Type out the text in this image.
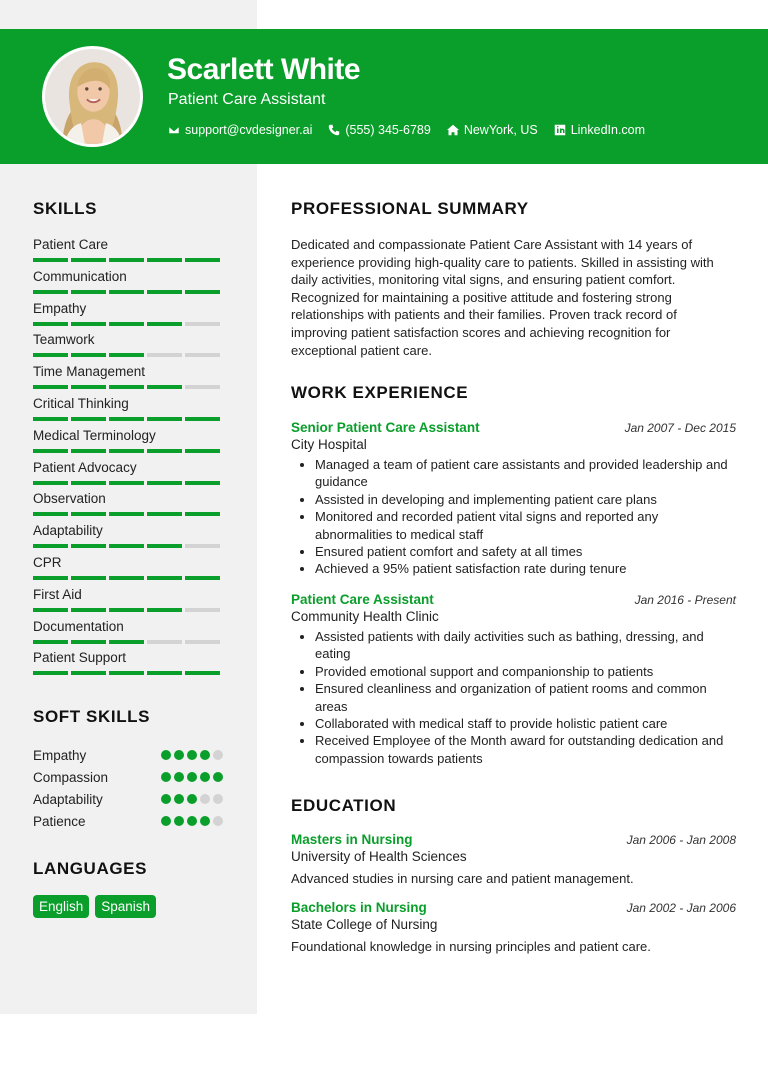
Scarlett White
Patient Care Assistant
support@cvdesigner.ai	(555) 345-6789	NewYork, US	LinkedIn.com
SKILLS
Patient Care
Communication
Empathy
Teamwork
Time Management
Critical Thinking
Medical Terminology
Patient Advocacy
Observation
Adaptability
CPR
First Aid
Documentation
Patient Support
SOFT SKILLS
Empathy
Compassion
Adaptability
Patience
LANGUAGES
English	Spanish
PROFESSIONAL SUMMARY

Dedicated and compassionate Patient Care Assistant with 14 years of experience providing high-quality care to patients. Skilled in assisting with daily activities, monitoring vital signs, and ensuring patient comfort. Recognized for maintaining a positive attitude and fostering strong relationships with patients and their families. Proven track record of improving patient satisfaction scores and achieving recognition for exceptional patient care.

WORK EXPERIENCE
Senior Patient Care Assistant	Jan 2007 - Dec 2015
City Hospital
• Managed a team of patient care assistants and provided leadership and guidance
• Assisted in developing and implementing patient care plans
• Monitored and recorded patient vital signs and reported any abnormalities to medical staff
• Ensured patient comfort and safety at all times
• Achieved a 95% patient satisfaction rate during tenure
Patient Care Assistant	Jan 2016 - Present
Community Health Clinic
• Assisted patients with daily activities such as bathing, dressing, and eating
• Provided emotional support and companionship to patients
• Ensured cleanliness and organization of patient rooms and common areas
• Collaborated with medical staff to provide holistic patient care
• Received Employee of the Month award for outstanding dedication and compassion towards patients
EDUCATION
Masters in Nursing	Jan 2006 - Jan 2008
University of Health Sciences
Advanced studies in nursing care and patient management.
Bachelors in Nursing	Jan 2002 - Jan 2006
State College of Nursing
Foundational knowledge in nursing principles and patient care.
